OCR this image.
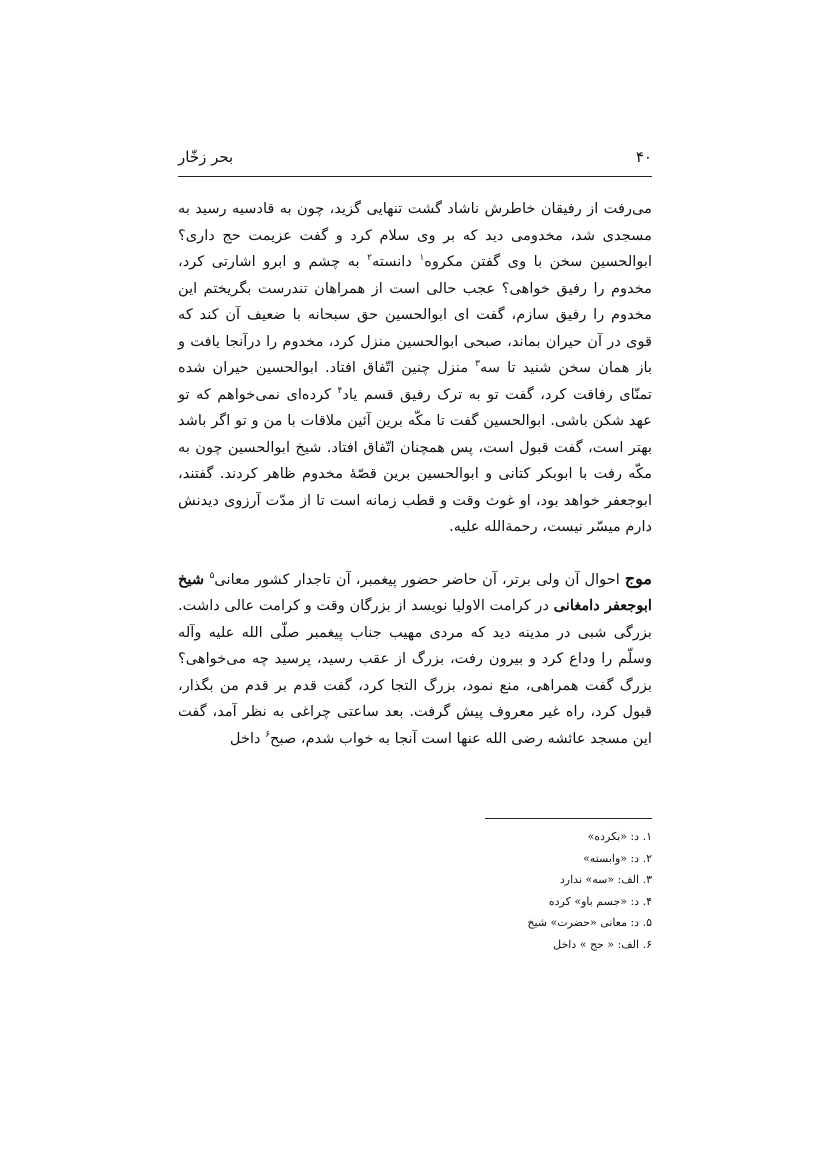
۴۰
بحر زخّار

می‌رفت از رفیقان خاطرش ناشاد گشت تنهایی گزید، چون به قادسیه رسید به مسجدی شد، مخدومی دید که بر وی سلام کرد و گفت عزیمت حج داری؟ ابوالحسین سخن با وی گفتن مکروه$^۱$ دانسته$^۲$ به چشم و ابرو اشارتی کرد، مخدوم را رفیق خواهی؟ عجب حالی است از همراهان تندرست بگریختم این مخدوم را رفیق سازم، گفت ای ابوالحسین حق سبحانه با ضعیف آن کند که قوی در آن حیران بماند، صبحی ابوالحسین منزل کرد، مخدوم را درآنجا یافت و باز همان سخن شنید تا سه$^۳$ منزل چنین اتّفاق افتاد. ابوالحسین حیران شده تمنّای رفاقت کرد، گفت تو به ترک رفیق قسم یاد$^۴$ کرده‌ای نمی‌خواهم که تو عهد شکن باشی. ابوالحسین گفت تا مکّه برین آئین ملاقات با من و تو اگر باشد بهتر است، گفت قبول است، پس همچنان اتّفاق افتاد. شیخ ابوالحسین چون به مکّه رفت با ابوبکر کتانی و ابوالحسین برین قصّهٔ مخدوم ظاهر کردند. گفتند، ابوجعفر خواهد بود، او غوث وقت و قطب زمانه است تا از مدّت آرزوی دیدنش دارم میسّر نیست، رحمةالله علیه.

موج احوال آن ولی برتر، آن حاضر حضور پیغمبر، آن تاجدار کشور معانی$^۵$ شیخ ابوجعفر دامغانی در کرامت الاولیا نویسد از بزرگان وقت و کرامت عالی داشت. بزرگی شبی در مدینه دید که مردی مهیب جناب پیغمبر صلّی الله علیه وآله وسلّم را وداع کرد و بیرون رفت، بزرگ از عقب رسید، پرسید چه می‌خواهی؟ بزرگ گفت همراهی، منع نمود، بزرگ التجا کرد، گفت قدم بر قدم من بگذار، قبول کرد، راه غیر معروف پیش گرفت. بعد ساعتی چراغی به نظر آمد، گفت این مسجد عائشه رضی الله عنها است آنجا به خواب شدم، صبح$^۶$ داخل

۱. د: «بکرده»
۲. د: «وابسته»
۳. الف: «سه» ندارد
۴. د: «جسم باو» کرده
۵. د: معانی «حضرت» شیخ
۶. الف: « حج » داخل
